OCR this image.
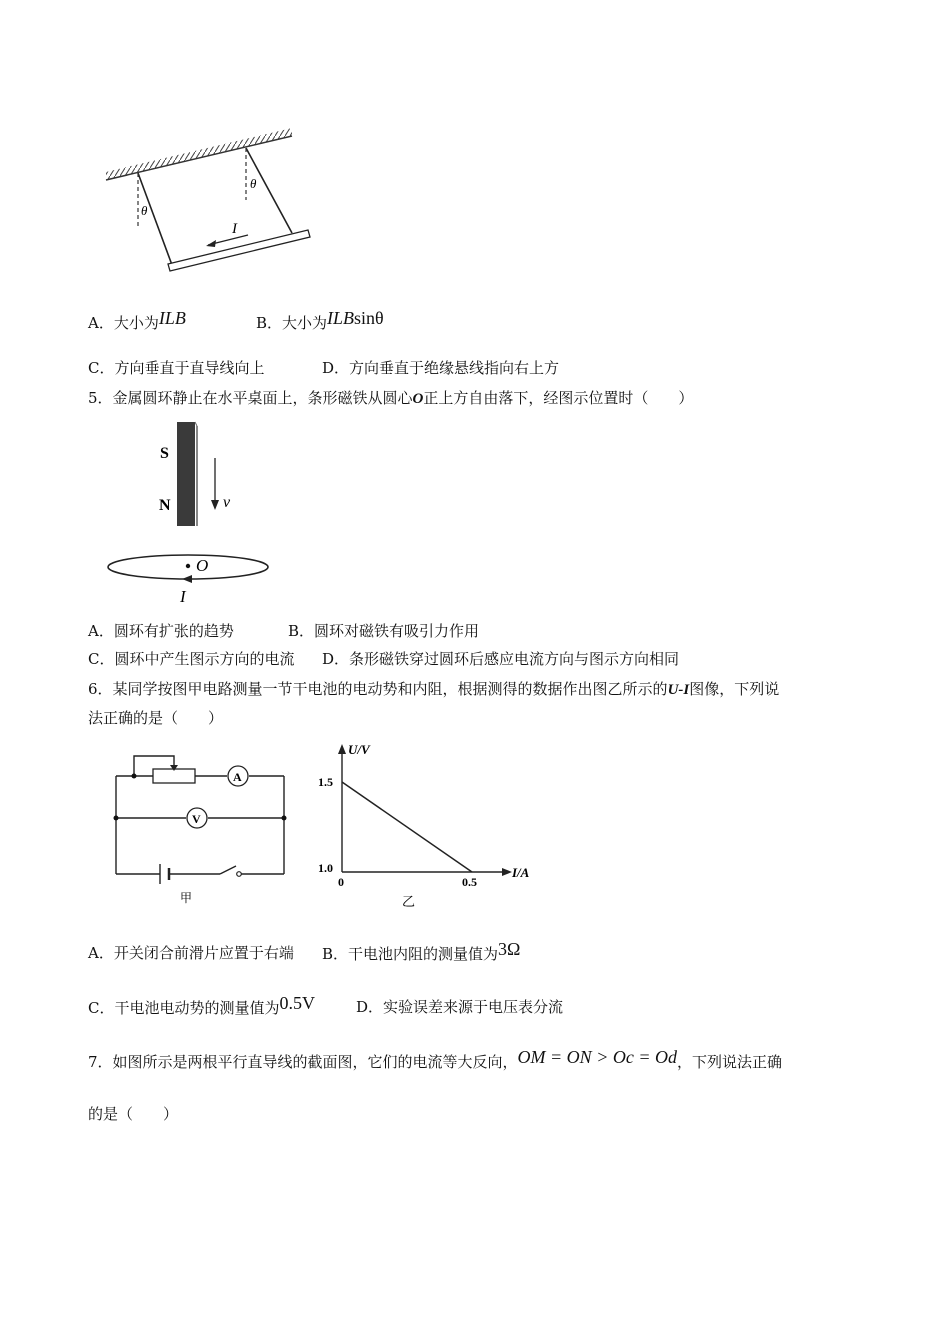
θ
θ
I
A．大小为ILB	B．大小为ILBsinθ
C．方向垂直于直导线向上	D．方向垂直于绝缘悬线指向右上方
5．金属圆环静止在水平桌面上，条形磁铁从圆心O正上方自由落下，经图示位置时（　　）
S
N	v
O
I
A．圆环有扩张的趋势	B．圆环对磁铁有吸引力作用
C．圆环中产生图示方向的电流 D．条形磁铁穿过圆环后感应电流方向与图示方向相同
6．某同学按图甲电路测量一节干电池的电动势和内阻，根据测得的数据作出图乙所示的U-I图像，下列说
法正确的是（　　）
A
V
甲
U/V
I/A
乙
0	0.5
1.0
1.5
A．开关闭合前滑片应置于右端 B．干电池内阻的测量值为3Ω
C．干电池电动势的测量值为0.5V	D．实验误差来源于电压表分流
7．如图所示是两根平行直导线的截面图，它们的电流等大反向，OM = ON > Oc = Od，下列说法正确
的是（　　）
